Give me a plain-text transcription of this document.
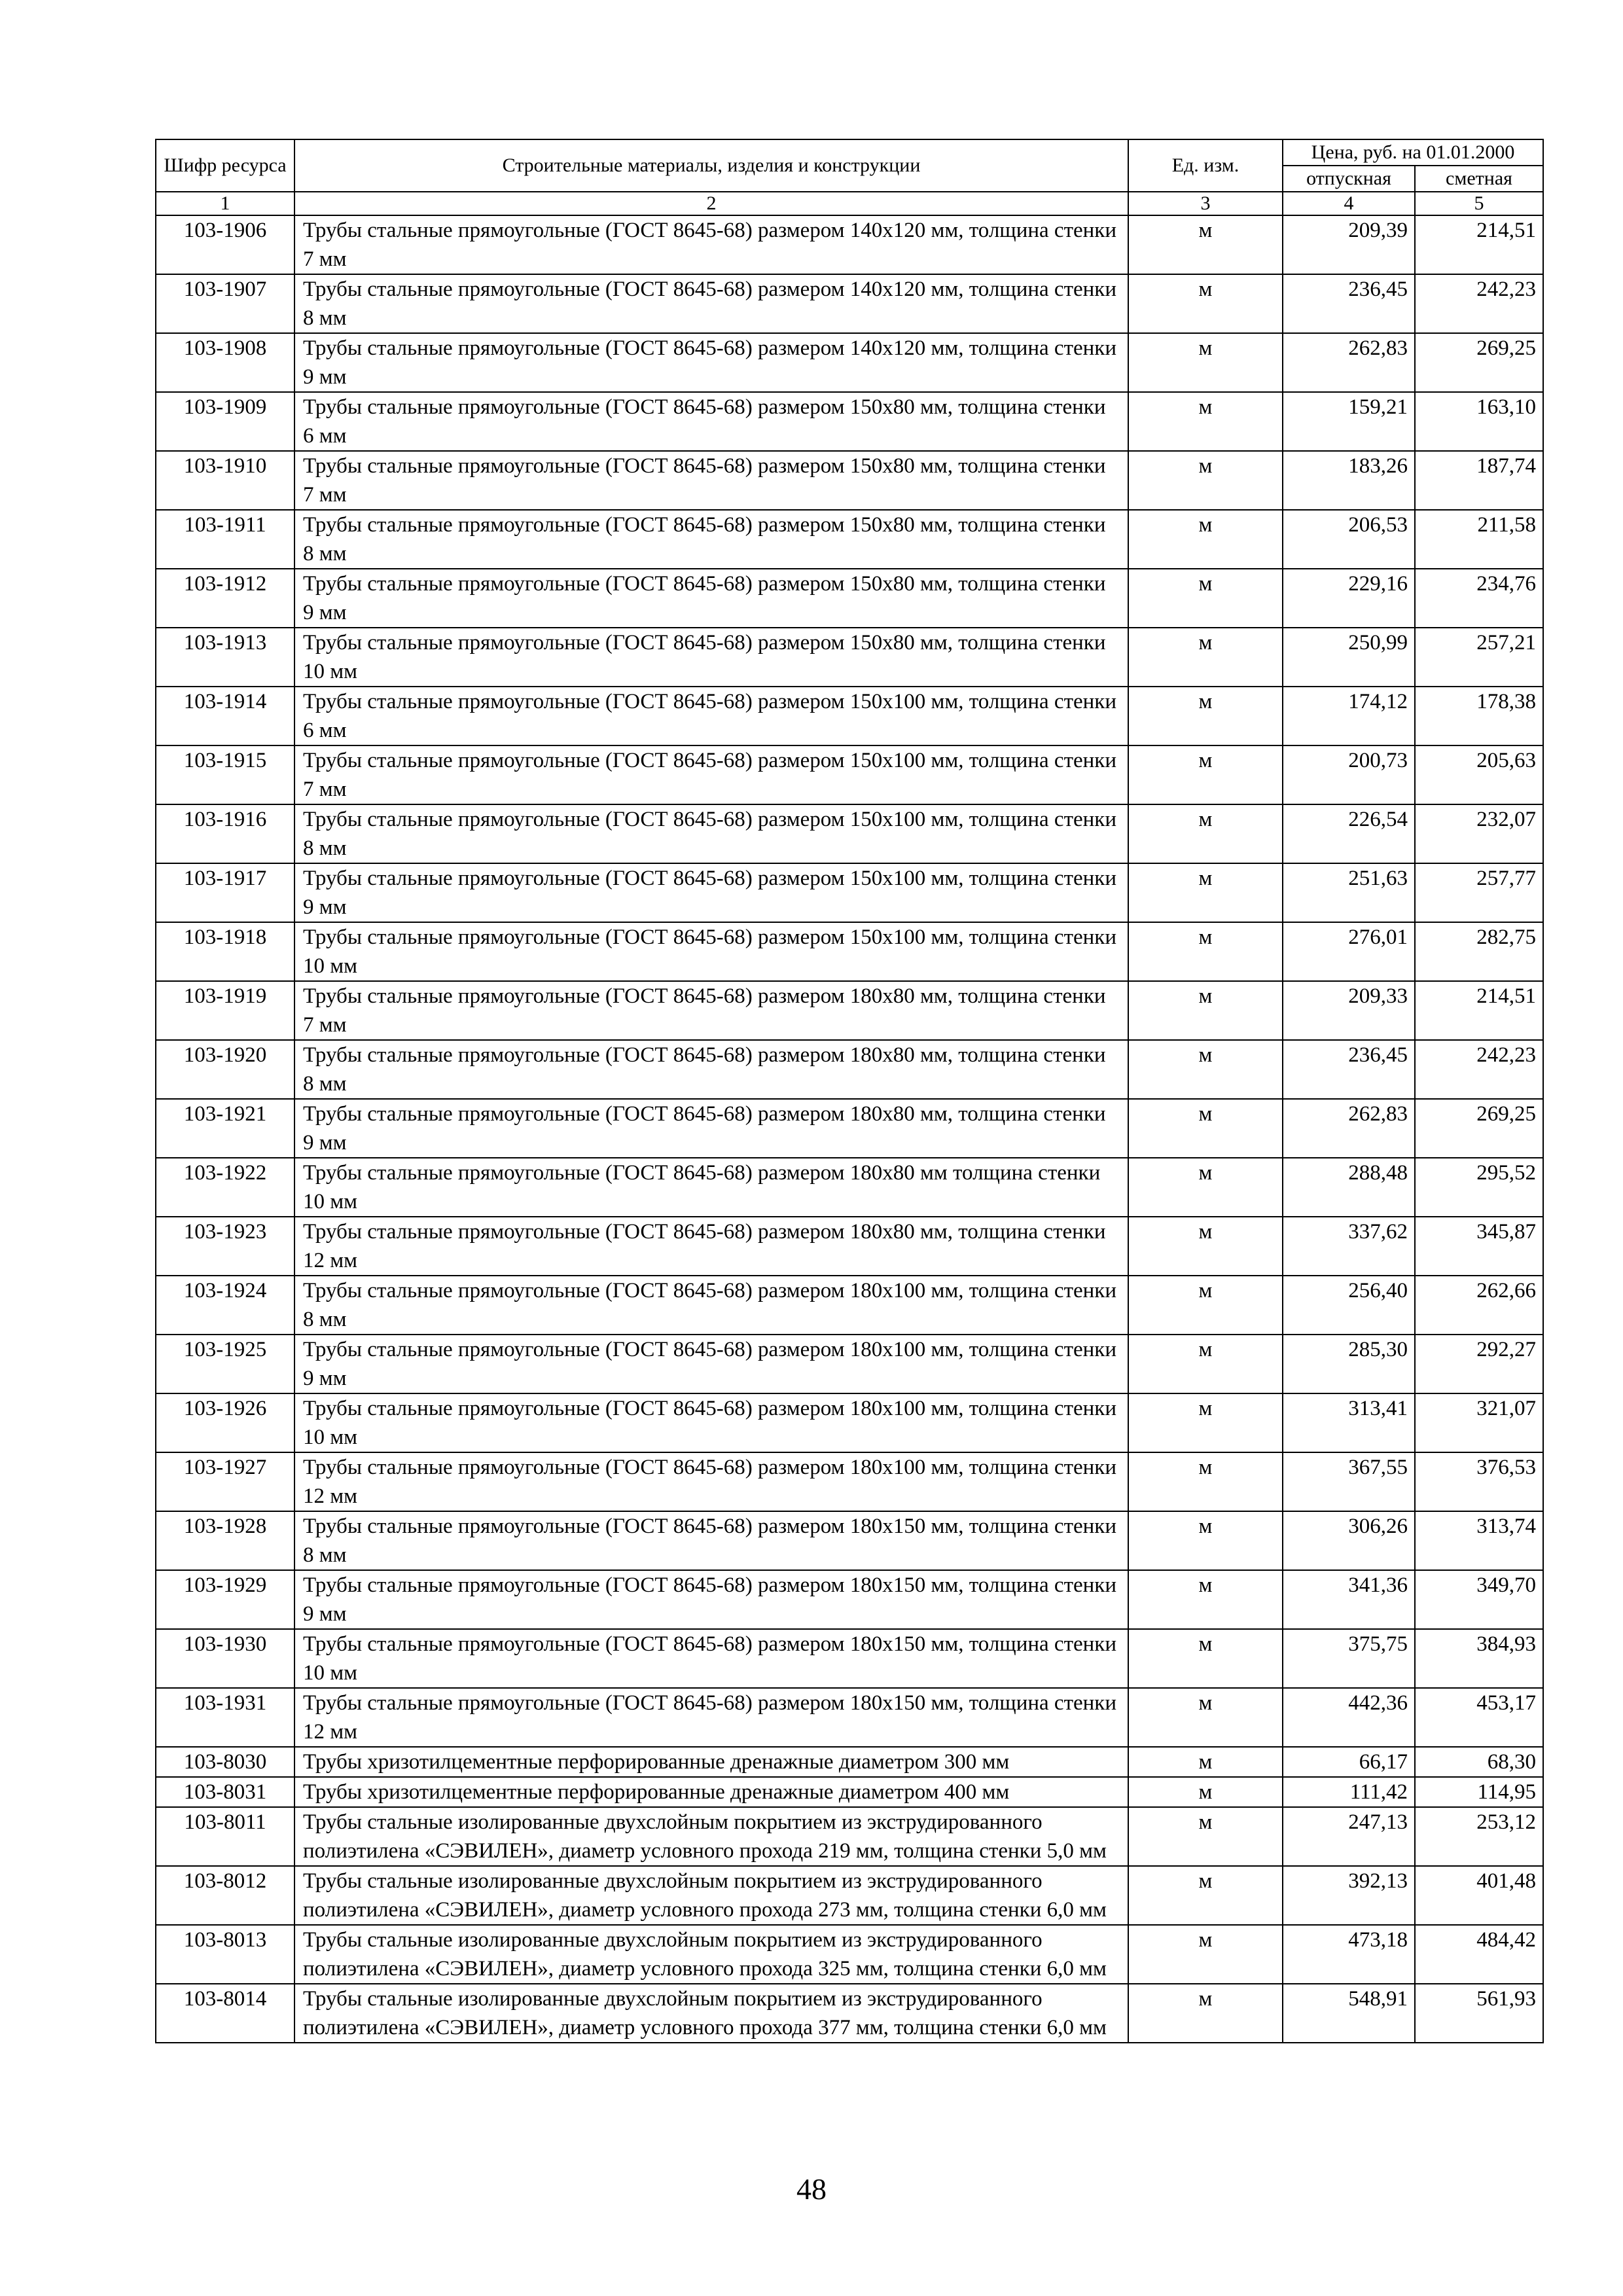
Шифр ресурса	Строительные материалы, изделия и конструкции	Ед. изм.	Цена, руб. на 01.01.2000	
			отпускная	сметная
1	2	3	4	5
103-1906	Трубы стальные прямоугольные (ГОСТ 8645-68) размером 140х120 мм, толщина стенки 7 мм	м	209,39	214,51
103-1907	Трубы стальные прямоугольные (ГОСТ 8645-68) размером 140х120 мм, толщина стенки 8 мм	м	236,45	242,23
103-1908	Трубы стальные прямоугольные (ГОСТ 8645-68) размером 140х120 мм, толщина стенки 9 мм	м	262,83	269,25
103-1909	Трубы стальные прямоугольные (ГОСТ 8645-68) размером 150х80 мм, толщина стенки 6 мм	м	159,21	163,10
103-1910	Трубы стальные прямоугольные (ГОСТ 8645-68) размером 150х80 мм, толщина стенки 7 мм	м	183,26	187,74
103-1911	Трубы стальные прямоугольные (ГОСТ 8645-68) размером 150х80 мм, толщина стенки 8 мм	м	206,53	211,58
103-1912	Трубы стальные прямоугольные (ГОСТ 8645-68) размером 150х80 мм, толщина стенки 9 мм	м	229,16	234,76
103-1913	Трубы стальные прямоугольные (ГОСТ 8645-68) размером 150х80 мм, толщина стенки 10 мм	м	250,99	257,21
103-1914	Трубы стальные прямоугольные (ГОСТ 8645-68) размером 150х100 мм, толщина стенки 6 мм	м	174,12	178,38
103-1915	Трубы стальные прямоугольные (ГОСТ 8645-68) размером 150х100 мм, толщина стенки 7 мм	м	200,73	205,63
103-1916	Трубы стальные прямоугольные (ГОСТ 8645-68) размером 150х100 мм, толщина стенки 8 мм	м	226,54	232,07
103-1917	Трубы стальные прямоугольные (ГОСТ 8645-68) размером 150х100 мм, толщина стенки 9 мм	м	251,63	257,77
103-1918	Трубы стальные прямоугольные (ГОСТ 8645-68) размером 150х100 мм, толщина стенки 10 мм	м	276,01	282,75
103-1919	Трубы стальные прямоугольные (ГОСТ 8645-68) размером 180х80 мм, толщина стенки 7 мм	м	209,33	214,51
103-1920	Трубы стальные прямоугольные (ГОСТ 8645-68) размером 180х80 мм, толщина стенки 8 мм	м	236,45	242,23
103-1921	Трубы стальные прямоугольные (ГОСТ 8645-68) размером 180х80 мм, толщина стенки 9 мм	м	262,83	269,25
103-1922	Трубы стальные прямоугольные (ГОСТ 8645-68) размером 180х80 мм толщина стенки 10 мм	м	288,48	295,52
103-1923	Трубы стальные прямоугольные (ГОСТ 8645-68) размером 180х80 мм, толщина стенки 12 мм	м	337,62	345,87
103-1924	Трубы стальные прямоугольные (ГОСТ 8645-68) размером 180х100 мм, толщина стенки 8 мм	м	256,40	262,66
103-1925	Трубы стальные прямоугольные (ГОСТ 8645-68) размером 180х100 мм, толщина стенки 9 мм	м	285,30	292,27
103-1926	Трубы стальные прямоугольные (ГОСТ 8645-68) размером 180х100 мм, толщина стенки 10 мм	м	313,41	321,07
103-1927	Трубы стальные прямоугольные (ГОСТ 8645-68) размером 180х100 мм, толщина стенки 12 мм	м	367,55	376,53
103-1928	Трубы стальные прямоугольные (ГОСТ 8645-68) размером 180х150 мм, толщина стенки 8 мм	м	306,26	313,74
103-1929	Трубы стальные прямоугольные (ГОСТ 8645-68) размером 180х150 мм, толщина стенки 9 мм	м	341,36	349,70
103-1930	Трубы стальные прямоугольные (ГОСТ 8645-68) размером 180х150 мм, толщина стенки 10 мм	м	375,75	384,93
103-1931	Трубы стальные прямоугольные (ГОСТ 8645-68) размером 180х150 мм, толщина стенки 12 мм	м	442,36	453,17
103-8030	Трубы хризотилцементные перфорированные дренажные диаметром 300 мм	м	66,17	68,30
103-8031	Трубы хризотилцементные перфорированные дренажные диаметром 400 мм	м	111,42	114,95
103-8011	Трубы стальные изолированные двухслойным покрытием из экструдированного полиэтилена «СЭВИЛЕН», диаметр условного прохода 219 мм, толщина стенки 5,0 мм	м	247,13	253,12
103-8012	Трубы стальные изолированные двухслойным покрытием из экструдированного полиэтилена «СЭВИЛЕН», диаметр условного прохода 273 мм, толщина стенки 6,0 мм	м	392,13	401,48
103-8013	Трубы стальные изолированные двухслойным покрытием из экструдированного полиэтилена «СЭВИЛЕН», диаметр условного прохода 325 мм, толщина стенки 6,0 мм	м	473,18	484,42
103-8014	Трубы стальные изолированные двухслойным покрытием из экструдированного полиэтилена «СЭВИЛЕН», диаметр условного прохода 377 мм, толщина стенки 6,0 мм	м	548,91	561,93
48
